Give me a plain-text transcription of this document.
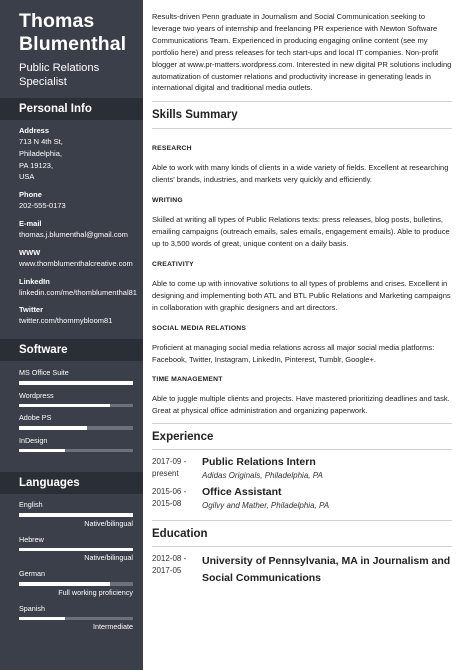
Thomas
Blumenthal
Public Relations
Specialist
Personal Info
Address
713 N 4th St,
Philadelphia,
PA 19123,
USA
Phone
202-555-0173
E-mail
thomas.j.blumenthal@gmail.com
WWW
www.thomblumenthalcreative.com
LinkedIn
linkedin.com/me/thomblumenthal81
Twitter
twitter.com/thommybloom81
Software
MS Office Suite
Wordpress
Adobe PS
InDesign
Languages
English
Native/bilingual
Hebrew
Native/bilingual
German
Full working proficiency
Spanish
Intermediate

Results-driven Penn graduate in Journalism and Social Communication seeking to leverage two years of internship and freelancing PR experience with Newton Software Communications Team. Experienced in producing engaging online content (see my portfolio here) and press releases for tech start-ups and local IT companies. Non-profit blogger at www.pr-matters.wordpress.com. Interested in new digital PR solutions including automatization of customer relations and productivity increase in generating leads in international digital and traditional media outlets.

Skills Summary
RESEARCH

Able to work with many kinds of clients in a wide variety of fields. Excellent at researching clients' brands, industries, and markets very quickly and efficiently.

WRITING

Skilled at writing all types of Public Relations texts: press releases, blog posts, bulletins, emailing campaigns (outreach emails, sales emails, engagement emails). Able to produce up to 3,500 words of great, unique content on a daily basis.

CREATIVITY

Able to come up with innovative solutions to all types of problems and crises. Excellent in designing and implementing both ATL and BTL Public Relations and Marketing campaigns in collaboration with graphic designers and art directors.

SOCIAL MEDIA RELATIONS

Proficient at managing social media relations across all major social media platforms: Facebook, Twitter, Instagram, LinkedIn, Pinterest, Tumblr, Google+.

TIME MANAGEMENT

Able to juggle multiple clients and projects. Have mastered prioritizing deadlines and task. Great at physical office administration and organizing paperwork.

Experience
2017-09 -
present
Public Relations Intern
Adidas Originals, Philadelphia, PA
2015-06 -
2015-08
Office Assistant
Ogilvy and Mather, Philadelphia, PA
Education
2012-08 -
2017-05
University of Pennsylvania, MA in Journalism and Social Communications
